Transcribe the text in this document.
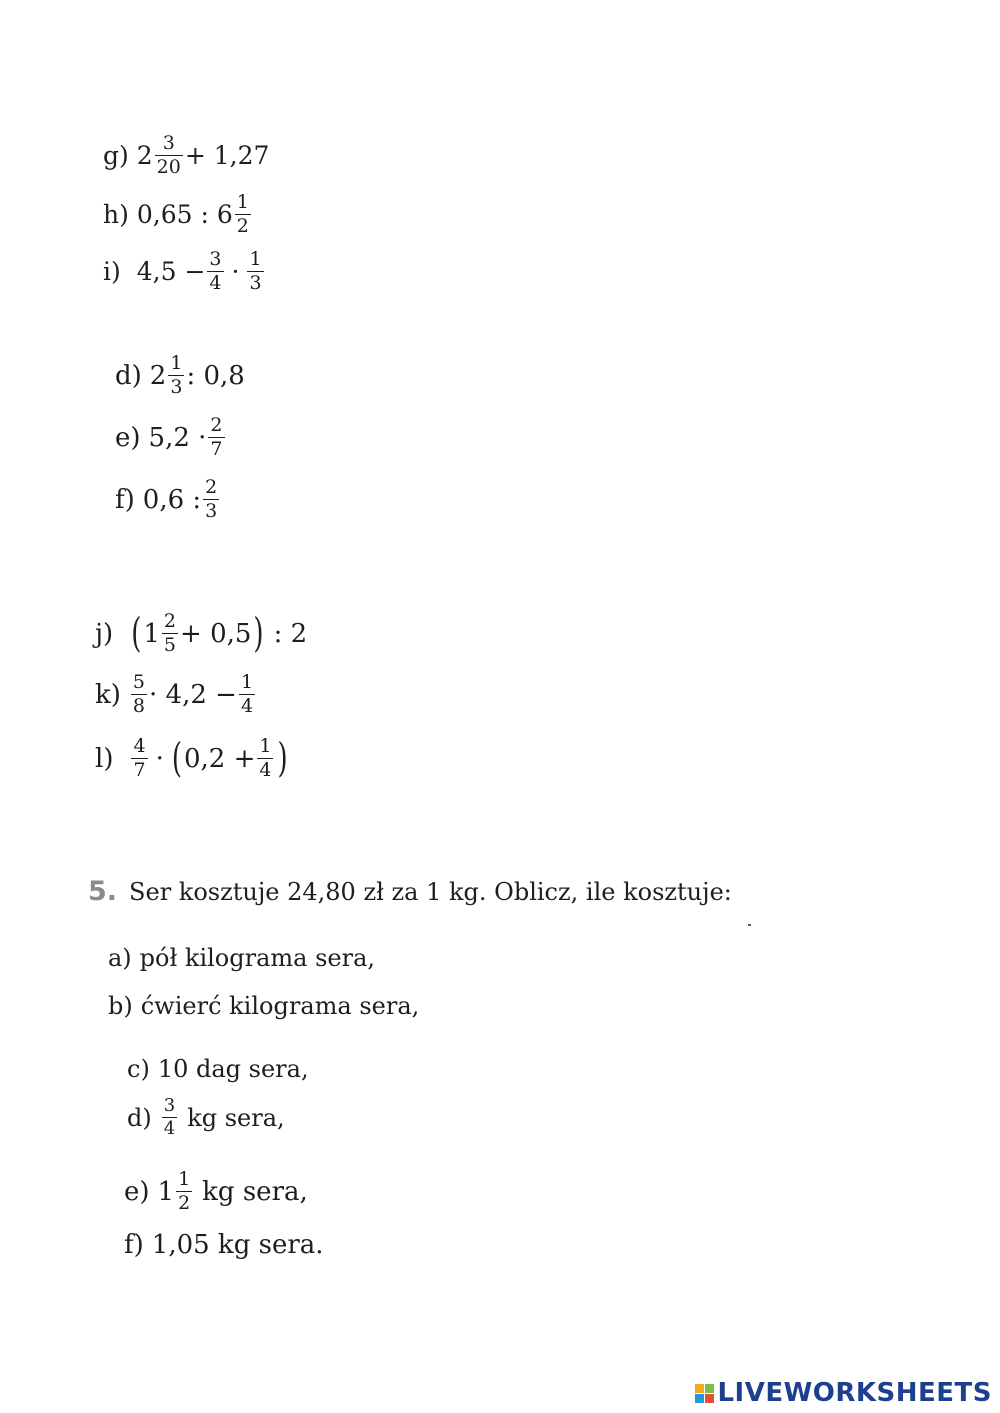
g) $2 \frac{3}{20} + 1,27$
h) 0,65 : $6 \frac{1}{2}$
i) $4,5 - \frac{3}{4} \cdot \frac{1}{3}$
d) $2 \frac{1}{3}$ : 0,8
e) $5,2 \cdot \frac{2}{7}$
f) 0,6 : $\frac{2}{3}$
j) ( $1 \frac{2}{5} + 0,5$ ) : 2
$k) \frac{5}{8} \cdot 4,2 - \frac{1}{4}$
$l) \frac{4}{7}$ · ( $0,2 + \frac{1}{4}$ )
5. Ser kosztuje 24,80 zł za 1 kg. Oblicz, ile kosztuje:
a) pół kilograma sera,
b) ćwierć kilograma sera,
c) 10 dag sera,
$d) \frac{3}{4}$ kg sera,
e) $1 \frac{1}{2}$ kg sera,
f) 1,05 kg sera.
LIVEWORKSHEETS
